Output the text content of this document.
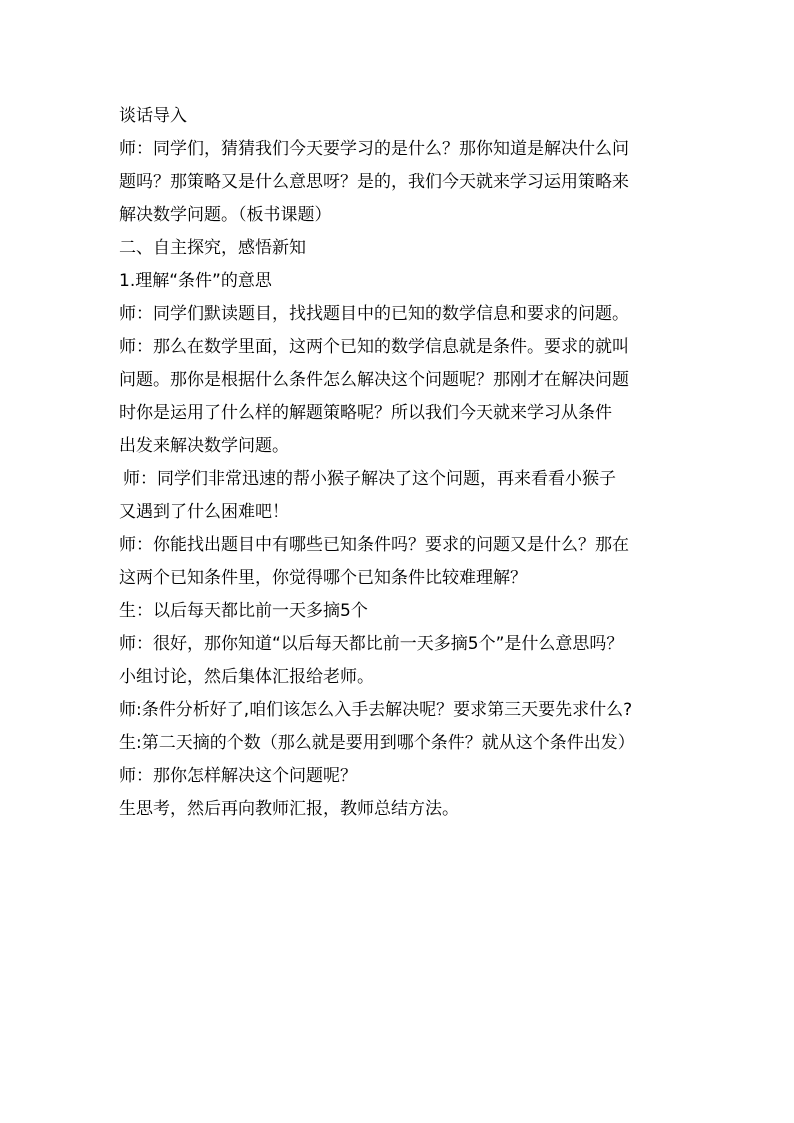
谈话导入
师：同学们，猜猜我们今天要学习的是什么？那你知道是解决什么问
题吗？那策略又是什么意思呀？是的，我们今天就来学习运用策略来
解决数学问题。（板书课题）
二、自主探究，感悟新知
1.理解“条件”的意思
师：同学们默读题目，找找题目中的已知的数学信息和要求的问题。
师：那么在数学里面，这两个已知的数学信息就是条件。要求的就叫
问题。那你是根据什么条件怎么解决这个问题呢？那刚才在解决问题
时你是运用了什么样的解题策略呢？所以我们今天就来学习从条件
出发来解决数学问题。
师：同学们非常迅速的帮小猴子解决了这个问题，再来看看小猴子
又遇到了什么困难吧！
师：你能找出题目中有哪些已知条件吗？要求的问题又是什么？那在
这两个已知条件里，你觉得哪个已知条件比较难理解？
生：以后每天都比前一天多摘5个
师：很好，那你知道“以后每天都比前一天多摘5个”是什么意思吗？
小组讨论，然后集体汇报给老师。
师:条件分析好了,咱们该怎么入手去解决呢？要求第三天要先求什么?
生:第二天摘的个数（那么就是要用到哪个条件？就从这个条件出发）
师：那你怎样解决这个问题呢？
生思考，然后再向教师汇报，教师总结方法。
